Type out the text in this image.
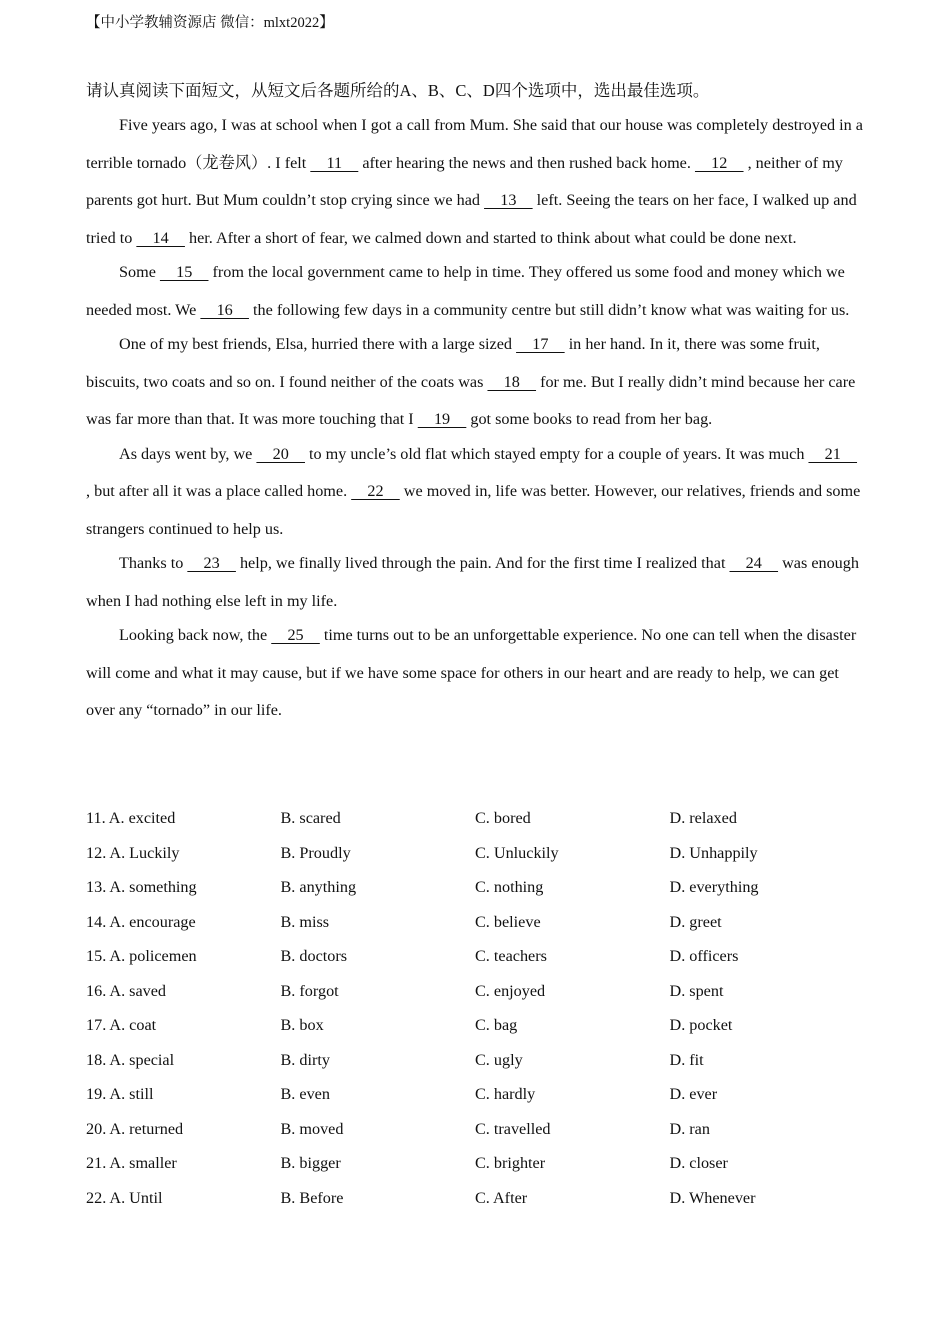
【中小学教辅资源店 微信：mlxt2022】
请认真阅读下面短文，从短文后各题所给的A、B、C、D四个选项中，选出最佳选项。

Five years ago, I was at school when I got a call from Mum. She said that our house was completely destroyed in a terrible tornado（龙卷风）. I felt     11     after hearing the news and then rushed back home.     12     , neither of my parents got hurt. But Mum couldn’t stop crying since we had     13     left. Seeing the tears on her face, I walked up and tried to     14     her. After a short of fear, we calmed down and started to think about what could be done next.

Some     15     from the local government came to help in time. They offered us some food and money which we needed most. We     16     the following few days in a community centre but still didn’t know what was waiting for us.

One of my best friends, Elsa, hurried there with a large sized     17     in her hand. In it, there was some fruit, biscuits, two coats and so on. I found neither of the coats was     18     for me. But I really didn’t mind because her care was far more than that. It was more touching that I     19     got some books to read from her bag.

As days went by, we     20     to my uncle’s old flat which stayed empty for a couple of years. It was much     21     , but after all it was a place called home.     22     we moved in, life was better. However, our relatives, friends and some strangers continued to help us.

Thanks to     23     help, we finally lived through the pain. And for the first time I realized that     24     was enough when I had nothing else left in my life.

Looking back now, the     25     time turns out to be an unforgettable experience. No one can tell when the disaster will come and what it may cause, but if we have some space for others in our heart and are ready to help, we can get over any “tornado” in our life.

11. A. excited	B. scared	C. bored	D. relaxed
12. A. Luckily	B. Proudly	C. Unluckily	D. Unhappily
13. A. something	B. anything	C. nothing	D. everything
14. A. encourage	B. miss	C. believe	D. greet
15. A. policemen	B. doctors	C. teachers	D. officers
16. A. saved	B. forgot	C. enjoyed	D. spent
17. A. coat	B. box	C. bag	D. pocket
18. A. special	B. dirty	C. ugly	D. fit
19. A. still	B. even	C. hardly	D. ever
20. A. returned	B. moved	C. travelled	D. ran
21. A. smaller	B. bigger	C. brighter	D. closer
22. A. Until	B. Before	C. After	D. Whenever
